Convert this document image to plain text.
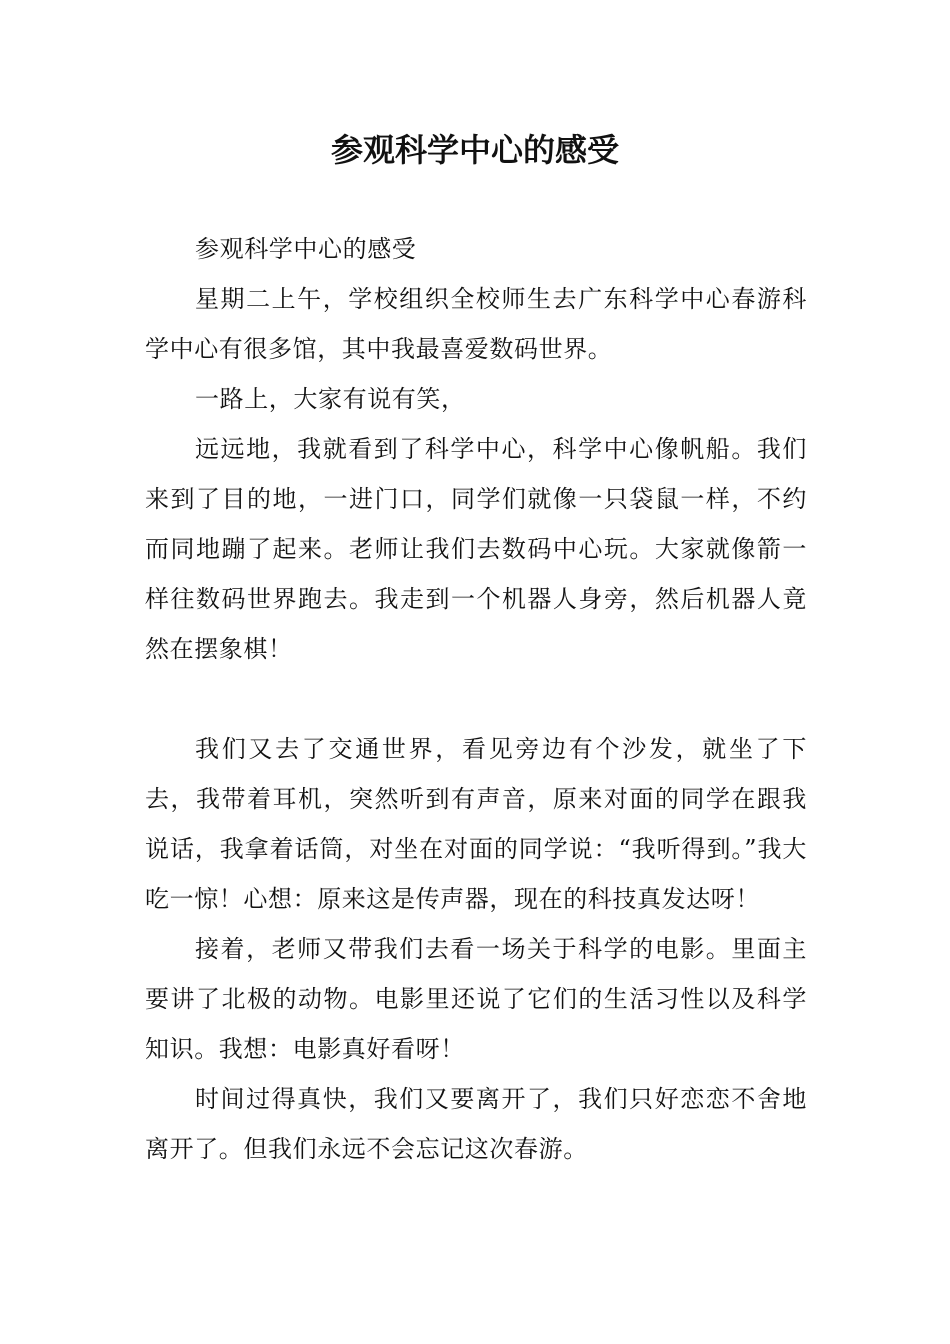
参观科学中心的感受

参观科学中心的感受

星期二上午，学校组织全校师生去广东科学中心春游科学中心有很多馆，其中我最喜爱数码世界。

一路上，大家有说有笑，

远远地，我就看到了科学中心，科学中心像帆船。我们来到了目的地，一进门口，同学们就像一只袋鼠一样，不约而同地蹦了起来。老师让我们去数码中心玩。大家就像箭一样往数码世界跑去。我走到一个机器人身旁，然后机器人竟然在摆象棋！

我们又去了交通世界，看见旁边有个沙发，就坐了下去，我带着耳机，突然听到有声音，原来对面的同学在跟我说话，我拿着话筒，对坐在对面的同学说：“我听得到。”我大吃一惊！心想：原来这是传声器，现在的科技真发达呀！

接着，老师又带我们去看一场关于科学的电影。里面主要讲了北极的动物。电影里还说了它们的生活习性以及科学知识。我想：电影真好看呀！

时间过得真快，我们又要离开了，我们只好恋恋不舍地离开了。但我们永远不会忘记这次春游。
